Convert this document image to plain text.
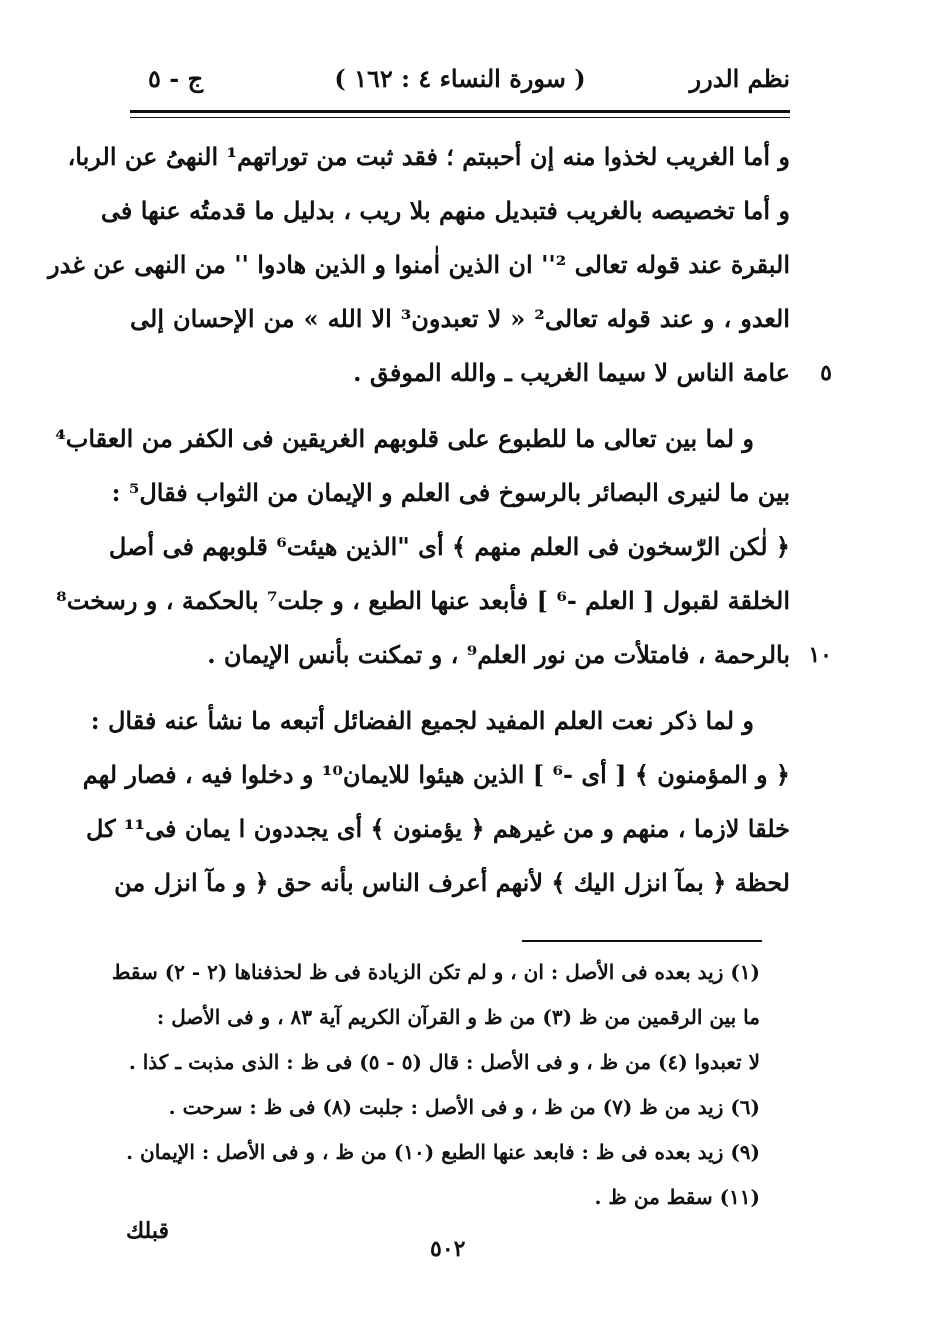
نظم الدرر
( سورة النساء ٤ : ١٦٢ )
ج - ٥
و أما الغريب لخذوا منه إن أحببتم ؛ فقد ثبت من توراتهم¹ النهىُ عن الربا،
و أما تخصيصه بالغريب فتبديل منهم بلا ريب ، بدليل ما قدمتُه عنها فى
البقرة عند قوله تعالى ²'' ان الذين اٰمنوا و الذين هادوا '' من النهى عن غدر
العدو ، و عند قوله تعالى² « لا تعبدون³ الا الله » من الإحسان إلى
٥
عامة الناس لا سيما الغريب ـ والله الموفق .
و لما بين تعالى ما للطبوع على قلوبهم الغريقين فى الكفر من العقاب⁴
بين ما لنيرى البصائر بالرسوخ فى العلم و الإيمان من الثواب فقال⁵ :
﴿ لٰكن الرّٰسخون فى العلم منهم ﴾ أى "الذين هيئت⁶ قلوبهم فى أصل
الخلقة لقبول [ العلم -⁶ ] فأبعد عنها الطبع ، و جلت⁷ بالحكمة ، و رسخت⁸
١٠
بالرحمة ، فامتلأت من نور العلم⁹ ، و تمكنت بأنس الإيمان .
و لما ذكر نعت العلم المفيد لجميع الفضائل أتبعه ما نشأ عنه فقال :
﴿ و المؤمنون ﴾ [ أى -⁶ ] الذين هيئوا للايمان¹⁰ و دخلوا فيه ، فصار لهم
خلقا لازما ، منهم و من غيرهم ﴿ يؤمنون ﴾ أى يجددون ا يمان فى¹¹ كل
لحظة ﴿ بمآ انزل اليك ﴾ لأنهم أعرف الناس بأنه حق ﴿ و مآ انزل من
(١) زيد بعده فى الأصل : ان ، و لم تكن الزيادة فى ظ لحذفناها (٢ - ٢) سقط
ما بين الرقمين من ظ (٣) من ظ و القرآن الكريم آية ٨٣ ، و فى الأصل :
لا تعبدوا (٤) من ظ ، و فى الأصل : قال (٥ - ٥) فى ظ : الذى مذبت ـ كذا .
(٦) زيد من ظ (٧) من ظ ، و فى الأصل : جلبت (٨) فى ظ : سرحت .
(٩) زيد بعده فى ظ : فابعد عنها الطبع (١٠) من ظ ، و فى الأصل : الإيمان .
(١١) سقط من ظ .
قبلك
٥٠٢
